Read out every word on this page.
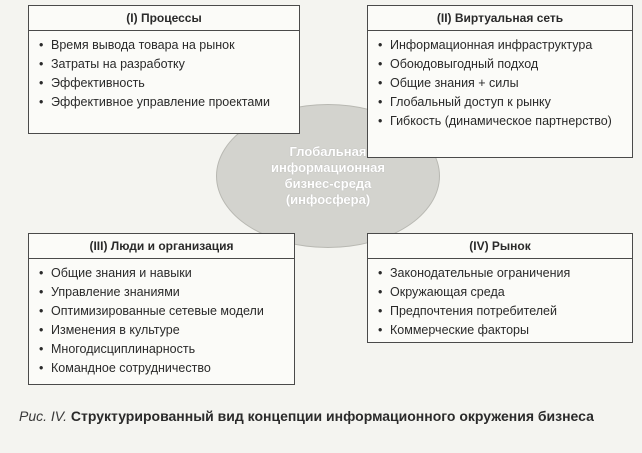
Глобальная
информационная
бизнес-среда
(инфосфера)
(I) Процессы
• Время вывода товара на рынок
• Затраты на разработку
• Эффективность
• Эффективное управление проектами
(II) Виртуальная сеть
• Информационная инфраструктура
• Обоюдовыгодный подход
• Общие знания + силы
• Глобальный доступ к рынку
• Гибкость (динамическое партнерство)
(III) Люди и организация
• Общие знания и навыки
• Управление знаниями
• Оптимизированные сетевые модели
• Изменения в культуре
• Многодисциплинарность
• Командное сотрудничество
(IV) Рынок
• Законодательные ограничения
• Окружающая среда
• Предпочтения потребителей
• Коммерческие факторы
Рис. IV. Структурированный вид концепции информационного окружения бизнеса
